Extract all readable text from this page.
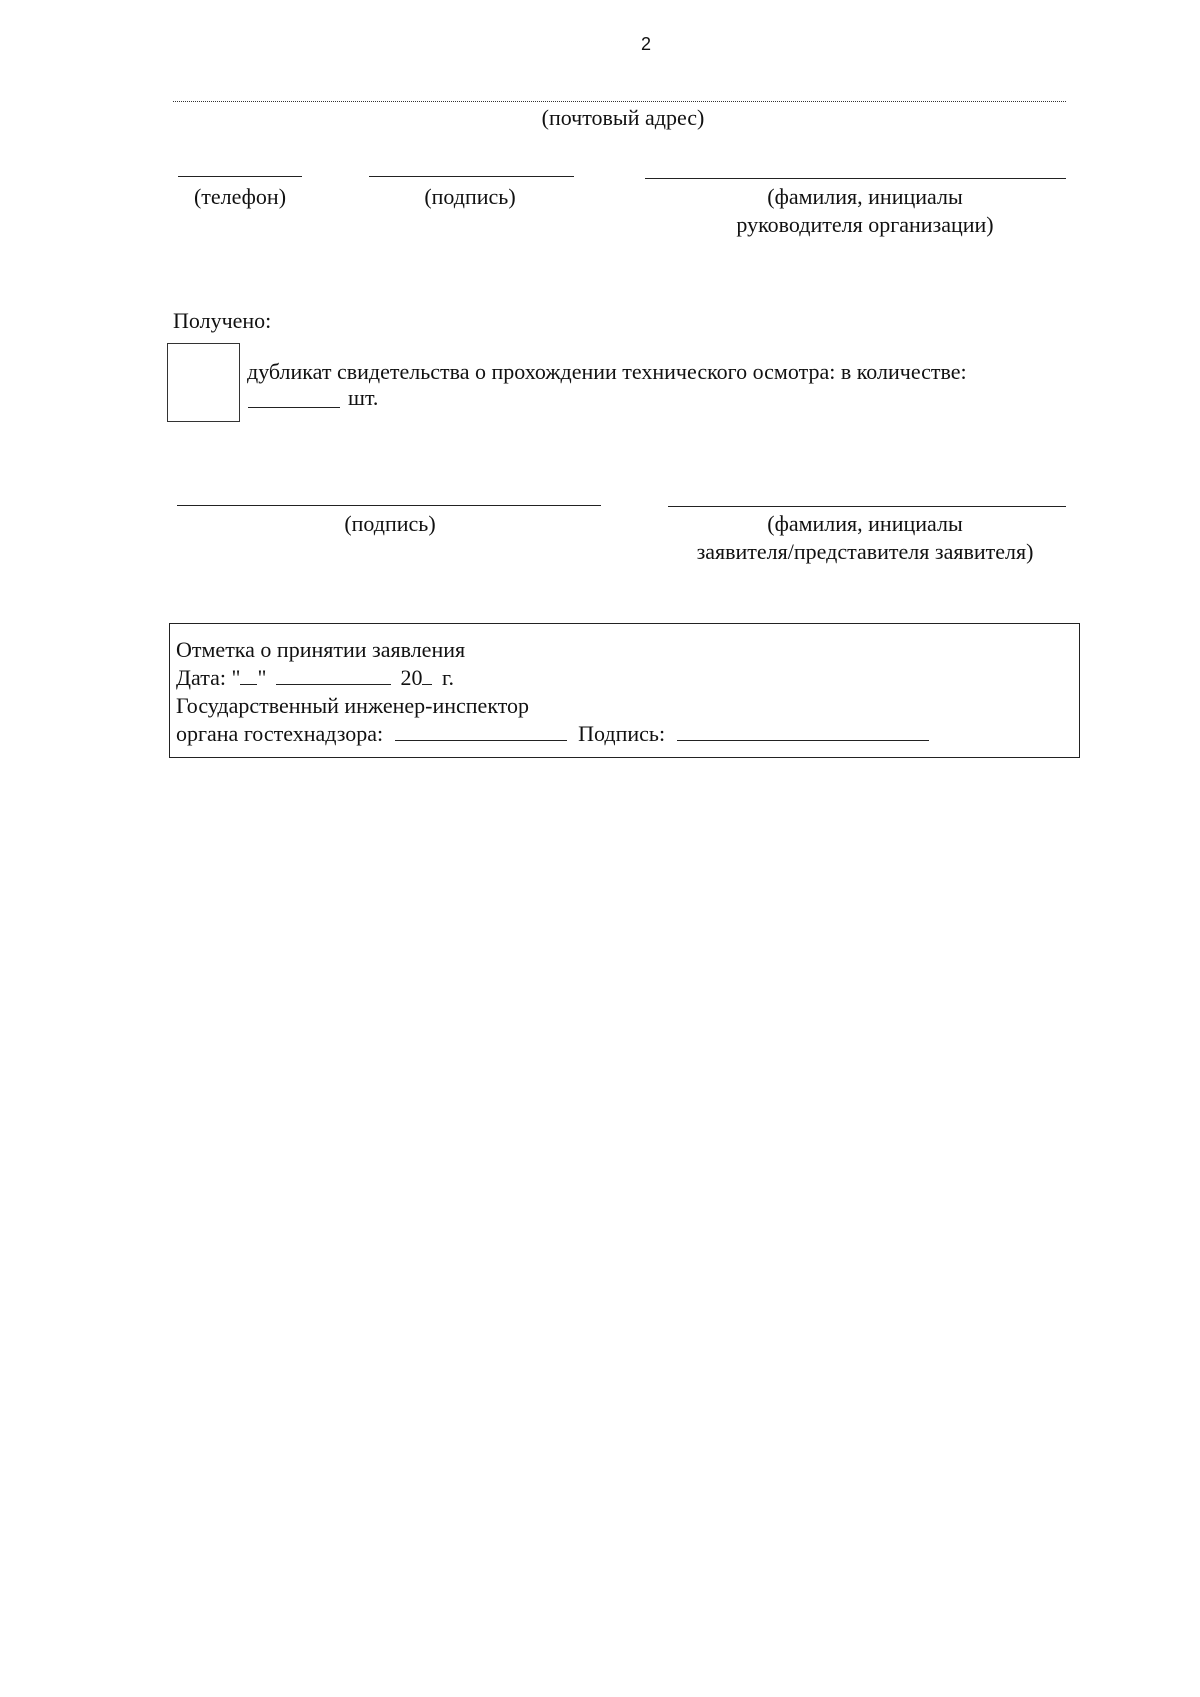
2
(почтовый адрес)
(телефон)	(подпись)	(фамилия, инициалы
руководителя организации)
Получено:
дубликат свидетельства о прохождении технического осмотра: в количестве:
шт.
(подпись)	(фамилия, инициалы
заявителя/представителя заявителя)
Отметка о принятии заявления
Дата: " "	20 г.
Государственный инженер-инспектор
органа гостехнадзора:	Подпись:
